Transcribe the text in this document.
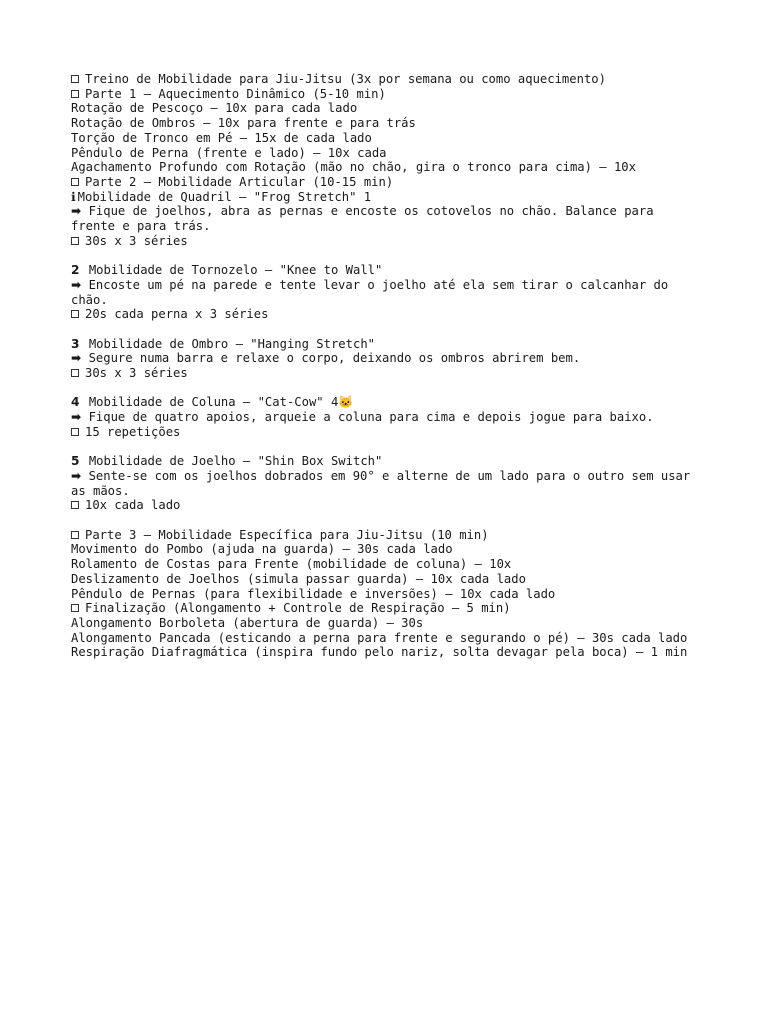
Treino de Mobilidade para Jiu-Jitsu (3x por semana ou como aquecimento)

Parte 1 – Aquecimento Dinâmico (5-10 min)

Rotação de Pescoço – 10x para cada lado

Rotação de Ombros – 10x para frente e para trás

Torção de Tronco em Pé – 15x de cada lado

Pêndulo de Perna (frente e lado) – 10x cada

Agachamento Profundo com Rotação (mão no chão, gira o tronco para cima) – 10x

Parte 2 – Mobilidade Articular (10-15 min)

ℹ Mobilidade de Quadril – "Frog Stretch" 1

➡ Fique de joelhos, abra as pernas e encoste os cotovelos no chão. Balance para frente e para trás.

30s x 3 séries

2 Mobilidade de Tornozelo – "Knee to Wall"

➡ Encoste um pé na parede e tente levar o joelho até ela sem tirar o calcanhar do chão.

20s cada perna x 3 séries

3 Mobilidade de Ombro – "Hanging Stretch"

➡ Segure numa barra e relaxe o corpo, deixando os ombros abrirem bem.

30s x 3 séries

4 Mobilidade de Coluna – "Cat-Cow" 4🐱

➡ Fique de quatro apoios, arqueie a coluna para cima e depois jogue para baixo.

15 repetições

5 Mobilidade de Joelho – "Shin Box Switch"

➡ Sente-se com os joelhos dobrados em 90° e alterne de um lado para o outro sem usar as mãos.

10x cada lado

Parte 3 – Mobilidade Específica para Jiu-Jitsu (10 min)

Movimento do Pombo (ajuda na guarda) – 30s cada lado

Rolamento de Costas para Frente (mobilidade de coluna) – 10x

Deslizamento de Joelhos (simula passar guarda) – 10x cada lado

Pêndulo de Pernas (para flexibilidade e inversões) – 10x cada lado

Finalização (Alongamento + Controle de Respiração – 5 min)

Alongamento Borboleta (abertura de guarda) – 30s

Alongamento Pancada (esticando a perna para frente e segurando o pé) – 30s cada lado

Respiração Diafragmática (inspira fundo pelo nariz, solta devagar pela boca) – 1 min
